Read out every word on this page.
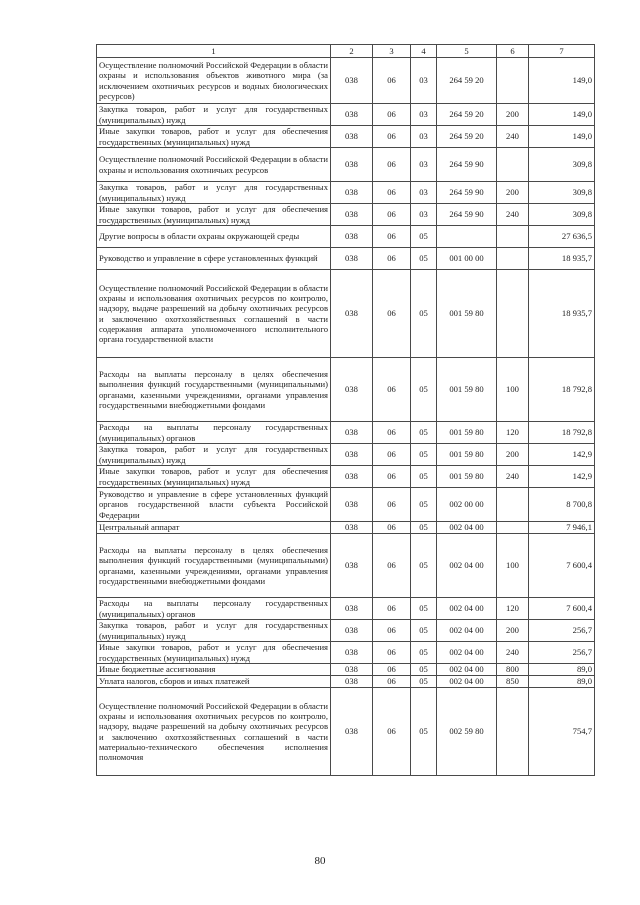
1	2	3	4	5	6	7
Осуществление полномочий Российской Федерации в области охраны и использования объектов животного мира (за исключением охотничьих ресурсов и водных биологических ресурсов)	038	06	03	264 59 20		149,0
Закупка товаров, работ и услуг для государственных (муниципальных) нужд	038	06	03	264 59 20	200	149,0
Иные закупки товаров, работ и услуг для обеспечения государственных (муниципальных) нужд	038	06	03	264 59 20	240	149,0
Осуществление полномочий Российской Федерации в области охраны и использования охотничьих ресурсов	038	06	03	264 59 90		309,8
Закупка товаров, работ и услуг для государственных (муниципальных) нужд	038	06	03	264 59 90	200	309,8
Иные закупки товаров, работ и услуг для обеспечения государственных (муниципальных) нужд	038	06	03	264 59 90	240	309,8
Другие вопросы в области охраны окружающей среды	038	06	05			27 636,5
Руководство и управление в сфере установленных функций	038	06	05	001 00 00		18 935,7
Осуществление полномочий Российской Федерации в области охраны и использования охотничьих ресурсов по контролю, надзору, выдаче разрешений на добычу охотничьих ресурсов и заключению охотхозяйственных соглашений в части содержания аппарата уполномоченного исполнительного органа государственной власти	038	06	05	001 59 80		18 935,7
Расходы на выплаты персоналу в целях обеспечения выполнения функций государственными (муниципальными) органами, казенными учреждениями, органами управления государственными внебюджетными фондами	038	06	05	001 59 80	100	18 792,8
Расходы на выплаты персоналу государственных (муниципальных) органов	038	06	05	001 59 80	120	18 792,8
Закупка товаров, работ и услуг для государственных (муниципальных) нужд	038	06	05	001 59 80	200	142,9
Иные закупки товаров, работ и услуг для обеспечения государственных (муниципальных) нужд	038	06	05	001 59 80	240	142,9
Руководство и управление в сфере установленных функций органов государственной власти субъекта Российской Федерации	038	06	05	002 00 00		8 700,8
Центральный аппарат	038	06	05	002 04 00		7 946,1
Расходы на выплаты персоналу в целях обеспечения выполнения функций государственными (муниципальными) органами, казенными учреждениями, органами управления государственными внебюджетными фондами	038	06	05	002 04 00	100	7 600,4
Расходы на выплаты персоналу государственных (муниципальных) органов	038	06	05	002 04 00	120	7 600,4
Закупка товаров, работ и услуг для государственных (муниципальных) нужд	038	06	05	002 04 00	200	256,7
Иные закупки товаров, работ и услуг для обеспечения государственных (муниципальных) нужд	038	06	05	002 04 00	240	256,7
Иные бюджетные ассигнования	038	06	05	002 04 00	800	89,0
Уплата налогов, сборов и иных платежей	038	06	05	002 04 00	850	89,0
Осуществление полномочий Российской Федерации в области охраны и использования охотничьих ресурсов по контролю, надзору, выдаче разрешений на добычу охотничьих ресурсов и заключению охотхозяйственных соглашений в части материально-технического обеспечения исполнения полномочия	038	06	05	002 59 80		754,7
80
